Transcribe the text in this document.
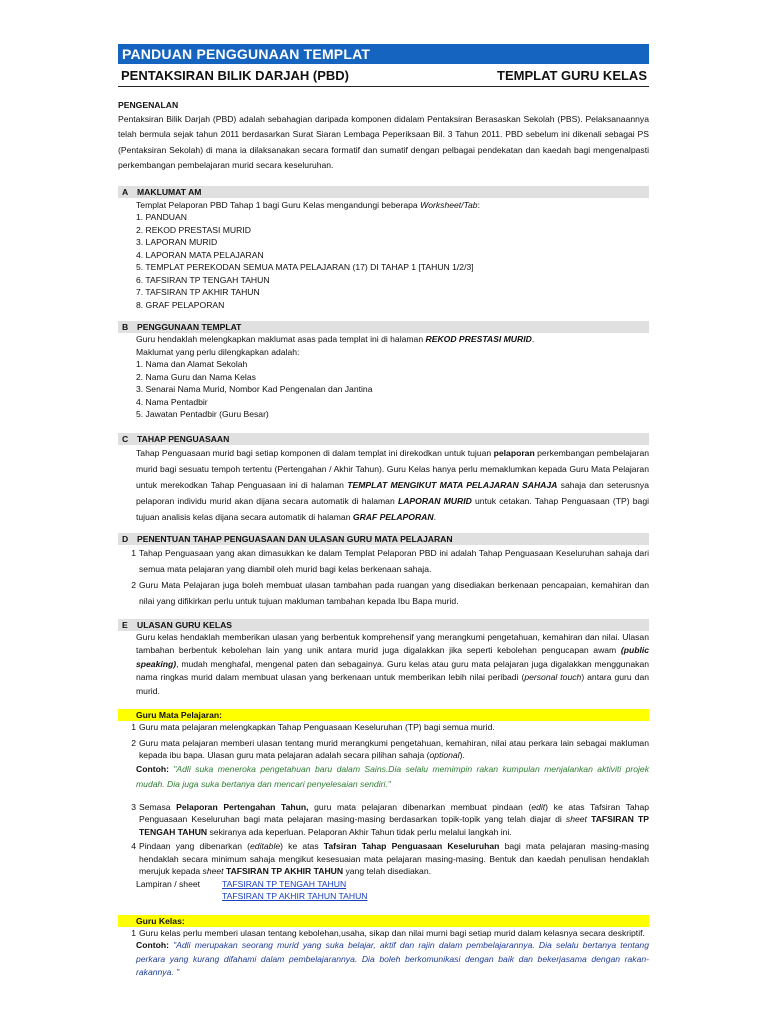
PANDUAN PENGGUNAAN TEMPLAT
PENTAKSIRAN BILIK DARJAH (PBD)	TEMPLAT GURU KELAS
PENGENALAN
Pentaksiran Bilik Darjah (PBD) adalah sebahagian daripada komponen didalam Pentaksiran Berasaskan Sekolah (PBS). Pelaksanaannya telah bermula sejak tahun 2011 berdasarkan Surat Siaran Lembaga Peperiksaan Bil. 3 Tahun 2011. PBD sebelum ini dikenali sebagai PS (Pentaksiran Sekolah) di mana ia dilaksanakan secara formatif dan sumatif dengan pelbagai pendekatan dan kaedah bagi mengenalpasti perkembangan pembelajaran murid secara keseluruhan.
A	MAKLUMAT AM
Templat Pelaporan PBD Tahap 1 bagi Guru Kelas mengandungi beberapa Worksheet/Tab:
1. PANDUAN
2. REKOD PRESTASI MURID
3. LAPORAN MURID
4. LAPORAN MATA PELAJARAN
5. TEMPLAT PEREKODAN SEMUA MATA PELAJARAN (17) DI TAHAP 1 [TAHUN 1/2/3]
6. TAFSIRAN TP TENGAH TAHUN
7. TAFSIRAN TP AKHIR TAHUN
8. GRAF PELAPORAN
B	PENGGUNAAN TEMPLAT
Guru hendaklah melengkapkan maklumat asas pada templat ini di halaman REKOD PRESTASI MURID.
Maklumat yang perlu dilengkapkan adalah:
1. Nama dan Alamat Sekolah
2. Nama Guru dan Nama Kelas
3. Senarai Nama Murid, Nombor Kad Pengenalan dan Jantina
4. Nama Pentadbir
5. Jawatan Pentadbir (Guru Besar)
C	TAHAP PENGUASAAN
Tahap Penguasaan murid bagi setiap komponen di dalam templat ini direkodkan untuk tujuan pelaporan perkembangan pembelajaran murid bagi sesuatu tempoh tertentu (Pertengahan / Akhir Tahun). Guru Kelas hanya perlu memaklumkan kepada Guru Mata Pelajaran untuk merekodkan Tahap Penguasaan ini di halaman TEMPLAT MENGIKUT MATA PELAJARAN SAHAJA sahaja dan seterusnya pelaporan individu murid akan dijana secara automatik di halaman LAPORAN MURID untuk cetakan. Tahap Penguasaan (TP) bagi tujuan analisis kelas dijana secara automatik di halaman GRAF PELAPORAN.
D	PENENTUAN TAHAP PENGUASAAN DAN ULASAN GURU MATA PELAJARAN
1 Tahap Penguasaan yang akan dimasukkan ke dalam Templat Pelaporan PBD ini adalah Tahap Penguasaan Keseluruhan sahaja dari semua mata pelajaran yang diambil oleh murid bagi kelas berkenaan sahaja.
2 Guru Mata Pelajaran juga boleh membuat ulasan tambahan pada ruangan yang disediakan berkenaan pencapaian, kemahiran dan nilai yang difikirkan perlu untuk tujuan makluman tambahan kepada Ibu Bapa murid.
E	ULASAN GURU KELAS
Guru kelas hendaklah memberikan ulasan yang berbentuk komprehensif yang merangkumi pengetahuan, kemahiran dan nilai. Ulasan tambahan berbentuk kebolehan lain yang unik antara murid juga digalakkan jika seperti kebolehan pengucapan awam (public speaking), mudah menghafal, mengenal paten dan sebagainya. Guru kelas atau guru mata pelajaran juga digalakkan menggunakan nama ringkas murid dalam membuat ulasan yang berkenaan untuk memberikan lebih nilai peribadi (personal touch) antara guru dan murid.
Guru Mata Pelajaran:
1 Guru mata pelajaran melengkapkan Tahap Penguasaan Keseluruhan (TP) bagi semua murid.
2 Guru mata pelajaran memberi ulasan tentang murid merangkumi pengetahuan, kemahiran, nilai atau perkara lain sebagai makluman kepada ibu bapa. Ulasan guru mata pelajaran adalah secara pilihan sahaja (optional).
Contoh: "Adli suka meneroka pengetahuan baru dalam Sains.Dia selalu memimpin rakan kumpulan menjalankan aktiviti projek mudah. Dia juga suka bertanya dan mencari penyelesaian sendiri."
3 Semasa Pelaporan Pertengahan Tahun, guru mata pelajaran dibenarkan membuat pindaan (edit) ke atas Tafsiran Tahap Penguasaan Keseluruhan bagi mata pelajaran masing-masing berdasarkan topik-topik yang telah diajar di sheet TAFSIRAN TP TENGAH TAHUN sekiranya ada keperluan. Pelaporan Akhir Tahun tidak perlu melalui langkah ini.
4 Pindaan yang dibenarkan (editable) ke atas Tafsiran Tahap Penguasaan Keseluruhan bagi mata pelajaran masing-masing hendaklah secara minimum sahaja mengikut kesesuaian mata pelajaran masing-masing. Bentuk dan kaedah penulisan hendaklah merujuk kepada sheet TAFSIRAN TP AKHIR TAHUN yang telah disediakan.
Lampiran / sheet	TAFSIRAN TP TENGAH TAHUN
TAFSIRAN TP AKHIR TAHUN TAHUN
Guru Kelas:
1 Guru kelas perlu memberi ulasan tentang kebolehan,usaha, sikap dan nilai murni bagi setiap murid dalam kelasnya secara deskriptif.
Contoh: "Adli merupakan seorang murid yang suka belajar, aktif dan rajin dalam pembelajarannya. Dia selalu bertanya tentang perkara yang kurang difahami dalam pembelajarannya. Dia boleh berkomunikasi dengan baik dan bekerjasama dengan rakan-rakannya. "
